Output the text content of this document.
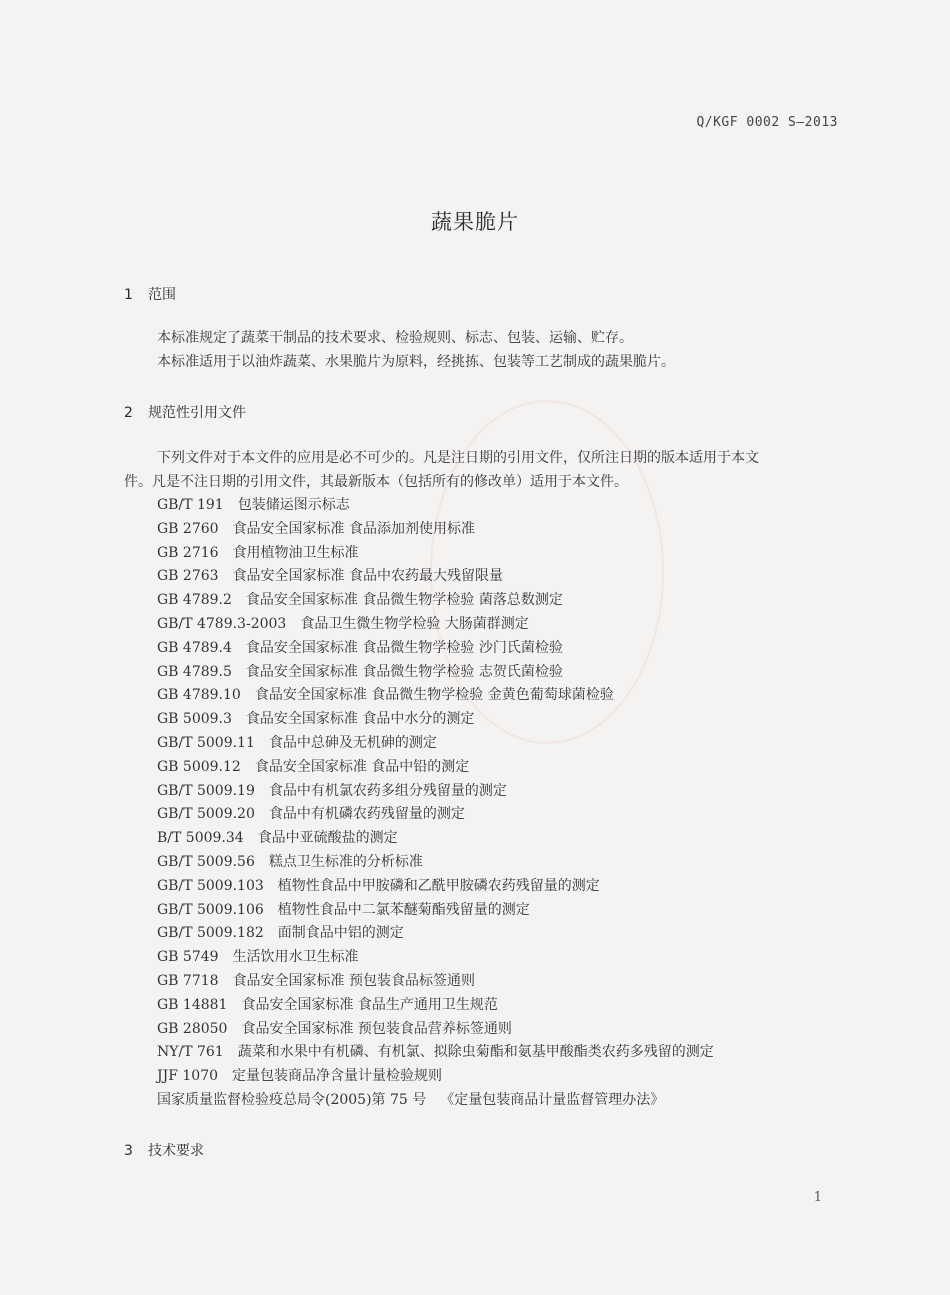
Q/KGF 0002 S—2013
蔬果脆片
1 范围
本标准规定了蔬菜干制品的技术要求、检验规则、标志、包装、运输、贮存。
本标准适用于以油炸蔬菜、水果脆片为原料，经挑拣、包装等工艺制成的蔬果脆片。
2 规范性引用文件
下列文件对于本文件的应用是必不可少的。凡是注日期的引用文件，仅所注日期的版本适用于本文
件。凡是不注日期的引用文件，其最新版本（包括所有的修改单）适用于本文件。
GB/T 191 包装储运图示标志
GB 2760 食品安全国家标准 食品添加剂使用标准
GB 2716 食用植物油卫生标准
GB 2763 食品安全国家标准 食品中农药最大残留限量
GB 4789.2 食品安全国家标准 食品微生物学检验 菌落总数测定
GB/T 4789.3-2003 食品卫生微生物学检验 大肠菌群测定
GB 4789.4 食品安全国家标准 食品微生物学检验 沙门氏菌检验
GB 4789.5 食品安全国家标准 食品微生物学检验 志贺氏菌检验
GB 4789.10 食品安全国家标准 食品微生物学检验 金黄色葡萄球菌检验
GB 5009.3 食品安全国家标准 食品中水分的测定
GB/T 5009.11 食品中总砷及无机砷的测定
GB 5009.12 食品安全国家标准 食品中铅的测定
GB/T 5009.19 食品中有机氯农药多组分残留量的测定
GB/T 5009.20 食品中有机磷农药残留量的测定
B/T 5009.34 食品中亚硫酸盐的测定
GB/T 5009.56 糕点卫生标准的分析标准
GB/T 5009.103 植物性食品中甲胺磷和乙酰甲胺磷农药残留量的测定
GB/T 5009.106 植物性食品中二氯苯醚菊酯残留量的测定
GB/T 5009.182 面制食品中铝的测定
GB 5749 生活饮用水卫生标准
GB 7718 食品安全国家标准 预包装食品标签通则
GB 14881 食品安全国家标准 食品生产通用卫生规范
GB 28050 食品安全国家标准 预包装食品营养标签通则
NY/T 761 蔬菜和水果中有机磷、有机氯、拟除虫菊酯和氨基甲酸酯类农药多残留的测定
JJF 1070 定量包装商品净含量计量检验规则
国家质量监督检验疫总局令(2005)第 75 号 《定量包装商品计量监督管理办法》
3 技术要求
1
